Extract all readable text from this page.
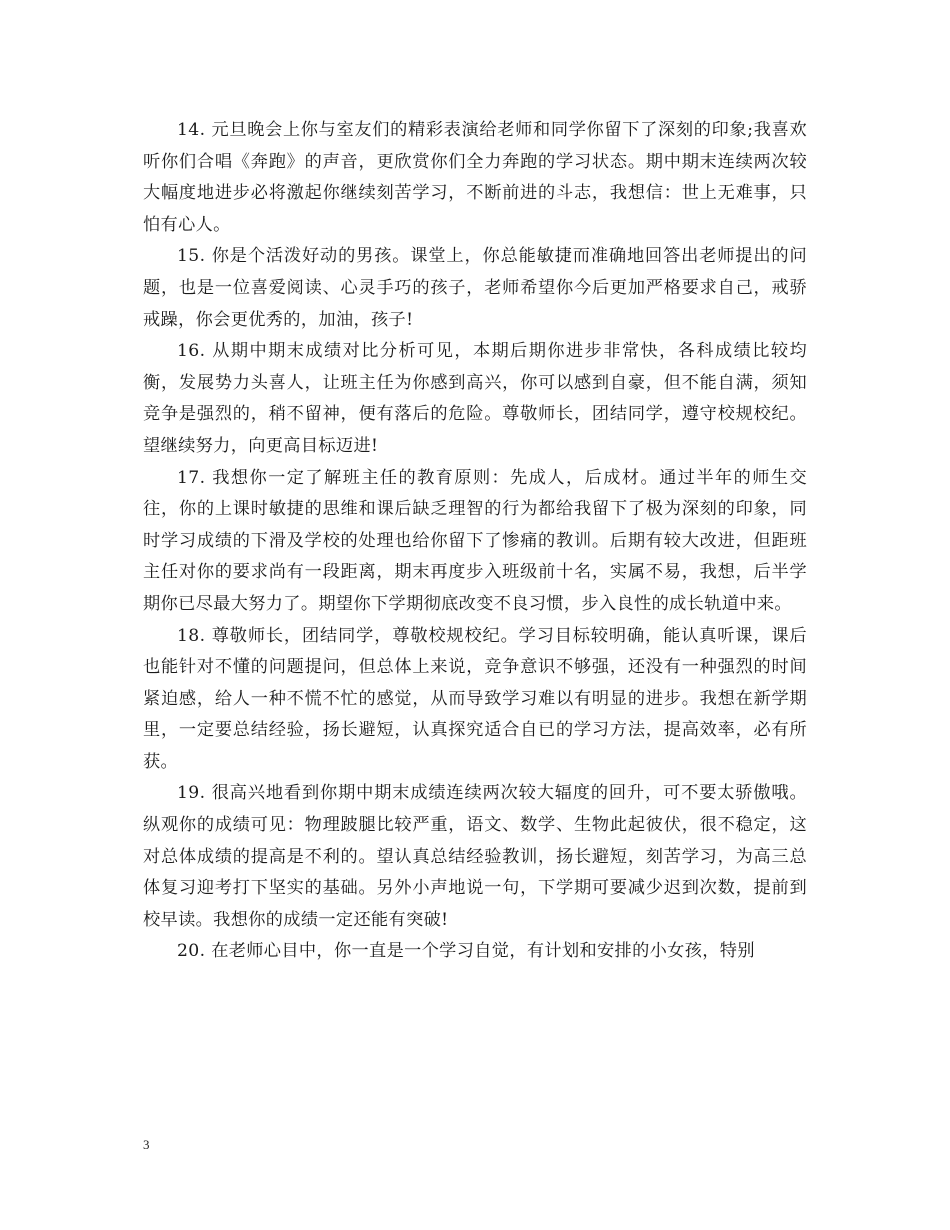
14. 元旦晚会上你与室友们的精彩表演给老师和同学你留下了深刻的印象;我喜欢听你们合唱《奔跑》的声音，更欣赏你们全力奔跑的学习状态。期中期末连续两次较大幅度地进步必将激起你继续刻苦学习，不断前进的斗志，我想信：世上无难事，只怕有心人。

15. 你是个活泼好动的男孩。课堂上，你总能敏捷而准确地回答出老师提出的问题，也是一位喜爱阅读、心灵手巧的孩子，老师希望你今后更加严格要求自己，戒骄戒躁，你会更优秀的，加油，孩子!

16. 从期中期末成绩对比分析可见，本期后期你进步非常快，各科成绩比较均衡，发展势力头喜人，让班主任为你感到高兴，你可以感到自豪，但不能自满，须知竞争是强烈的，稍不留神，便有落后的危险。尊敬师长，团结同学，遵守校规校纪。望继续努力，向更高目标迈进!

17. 我想你一定了解班主任的教育原则：先成人，后成材。通过半年的师生交往，你的上课时敏捷的思维和课后缺乏理智的行为都给我留下了极为深刻的印象，同时学习成绩的下滑及学校的处理也给你留下了惨痛的教训。后期有较大改进，但距班主任对你的要求尚有一段距离，期末再度步入班级前十名，实属不易，我想，后半学期你已尽最大努力了。期望你下学期彻底改变不良习惯，步入良性的成长轨道中来。

18. 尊敬师长，团结同学，尊敬校规校纪。学习目标较明确，能认真听课，课后也能针对不懂的问题提问，但总体上来说，竞争意识不够强，还没有一种强烈的时间紧迫感，给人一种不慌不忙的感觉，从而导致学习难以有明显的进步。我想在新学期里，一定要总结经验，扬长避短，认真探究适合自已的学习方法，提高效率，必有所获。

19. 很高兴地看到你期中期末成绩连续两次较大辐度的回升，可不要太骄傲哦。纵观你的成绩可见：物理跛腿比较严重，语文、数学、生物此起彼伏，很不稳定，这对总体成绩的提高是不利的。望认真总结经验教训，扬长避短，刻苦学习，为高三总体复习迎考打下坚实的基础。另外小声地说一句，下学期可要减少迟到次数，提前到校早读。我想你的成绩一定还能有突破!

20. 在老师心目中，你一直是一个学习自觉，有计划和安排的小女孩，特别

3
